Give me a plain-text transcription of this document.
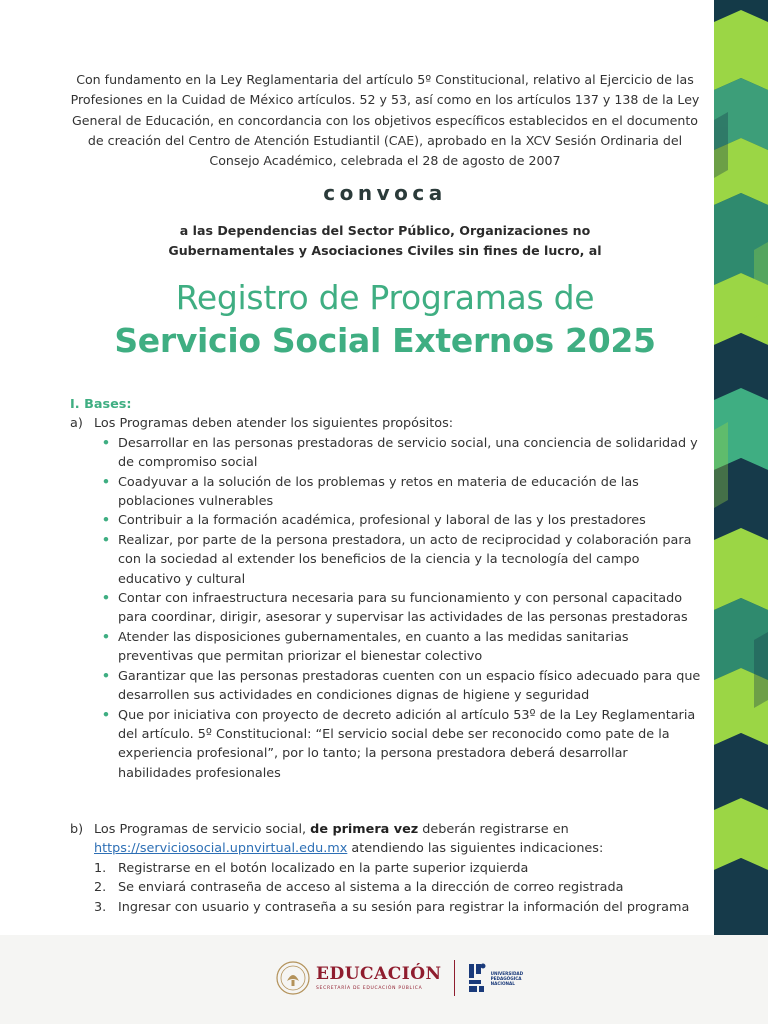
Con fundamento en la Ley Reglamentaria del artículo 5º Constitucional, relativo al Ejercicio de las Profesiones en la Cuidad de México artículos. 52 y 53, así como en los artículos 137 y 138 de la Ley General de Educación, en concordancia con los objetivos específicos establecidos en el documento de creación del Centro de Atención Estudiantil (CAE), aprobado en la XCV Sesión Ordinaria del Consejo Académico, celebrada el 28 de agosto de 2007

convoca

a las Dependencias del Sector Público, Organizaciones no
Gubernamentales y Asociaciones Civiles sin fines de lucro, al

Registro de Programas de
Servicio Social Externos 2025
I. Bases:
a) Los Programas deben atender los siguientes propósitos:
• Desarrollar en las personas prestadoras de servicio social, una conciencia de solidaridad y de compromiso social
• Coadyuvar a la solución de los problemas y retos en materia de educación de las poblaciones vulnerables
• Contribuir a la formación académica, profesional y laboral de las y los prestadores
• Realizar, por parte de la persona prestadora, un acto de reciprocidad y colaboración para con la sociedad al extender los beneficios de la ciencia y la tecnología del campo educativo y cultural
• Contar con infraestructura necesaria para su funcionamiento y con personal capacitado para coordinar, dirigir, asesorar y supervisar las actividades de las personas prestadoras
• Atender las disposiciones gubernamentales, en cuanto a las medidas sanitarias preventivas que permitan priorizar el bienestar colectivo
• Garantizar que las personas prestadoras cuenten con un espacio físico adecuado para que desarrollen sus actividades en condiciones dignas de higiene y seguridad
• Que por iniciativa con proyecto de decreto adición al artículo 53º de la Ley Reglamentaria del artículo. 5º Constitucional: “El servicio social debe ser reconocido como pate de la experiencia profesional”, por lo tanto; la persona prestadora deberá desarrollar habilidades profesionales
b) Los Programas de servicio social, de primera vez deberán registrarse en https://serviciosocial.upnvirtual.edu.mx atendiendo las siguientes indicaciones:
1. Registrarse en el botón localizado en la parte superior izquierda
2. Se enviará contraseña de acceso al sistema a la dirección de correo registrada
3. Ingresar con usuario y contraseña a su sesión para registrar la información del programa
EDUCACIÓN
SECRETARÍA DE EDUCACIÓN PÚBLICA
UNIVERSIDAD
PEDAGÓGICA
NACIONAL
